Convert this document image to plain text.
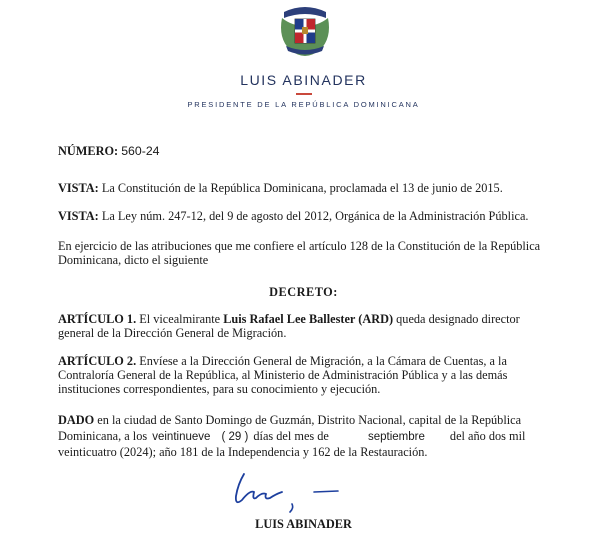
LUIS ABINADER
PRESIDENTE DE LA REPÚBLICA DOMINICANA
NÚMERO: 560-24
VISTA: La Constitución de la República Dominicana, proclamada el 13 de junio de 2015.
VISTA: La Ley núm. 247-12, del 9 de agosto del 2012, Orgánica de la Administración Pública.
En ejercicio de las atribuciones que me confiere el artículo 128 de la Constitución de la República
Dominicana, dicto el siguiente
DECRETO:
ARTÍCULO 1. El vicealmirante Luis Rafael Lee Ballester (ARD) queda designado director
general de la Dirección General de Migración.
ARTÍCULO 2. Envíese a la Dirección General de Migración, a la Cámara de Cuentas, a la
Contraloría General de la República, al Ministerio de Administración Pública y a las demás
instituciones correspondientes, para su conocimiento y ejecución.
DADO en la ciudad de Santo Domingo de Guzmán, Distrito Nacional, capital de la República
Dominicana, a los veintinueve ( 29 ) días del mes de	septiembre del año dos mil
veinticuatro (2024); año 181 de la Independencia y 162 de la Restauración.
LUIS ABINADER
